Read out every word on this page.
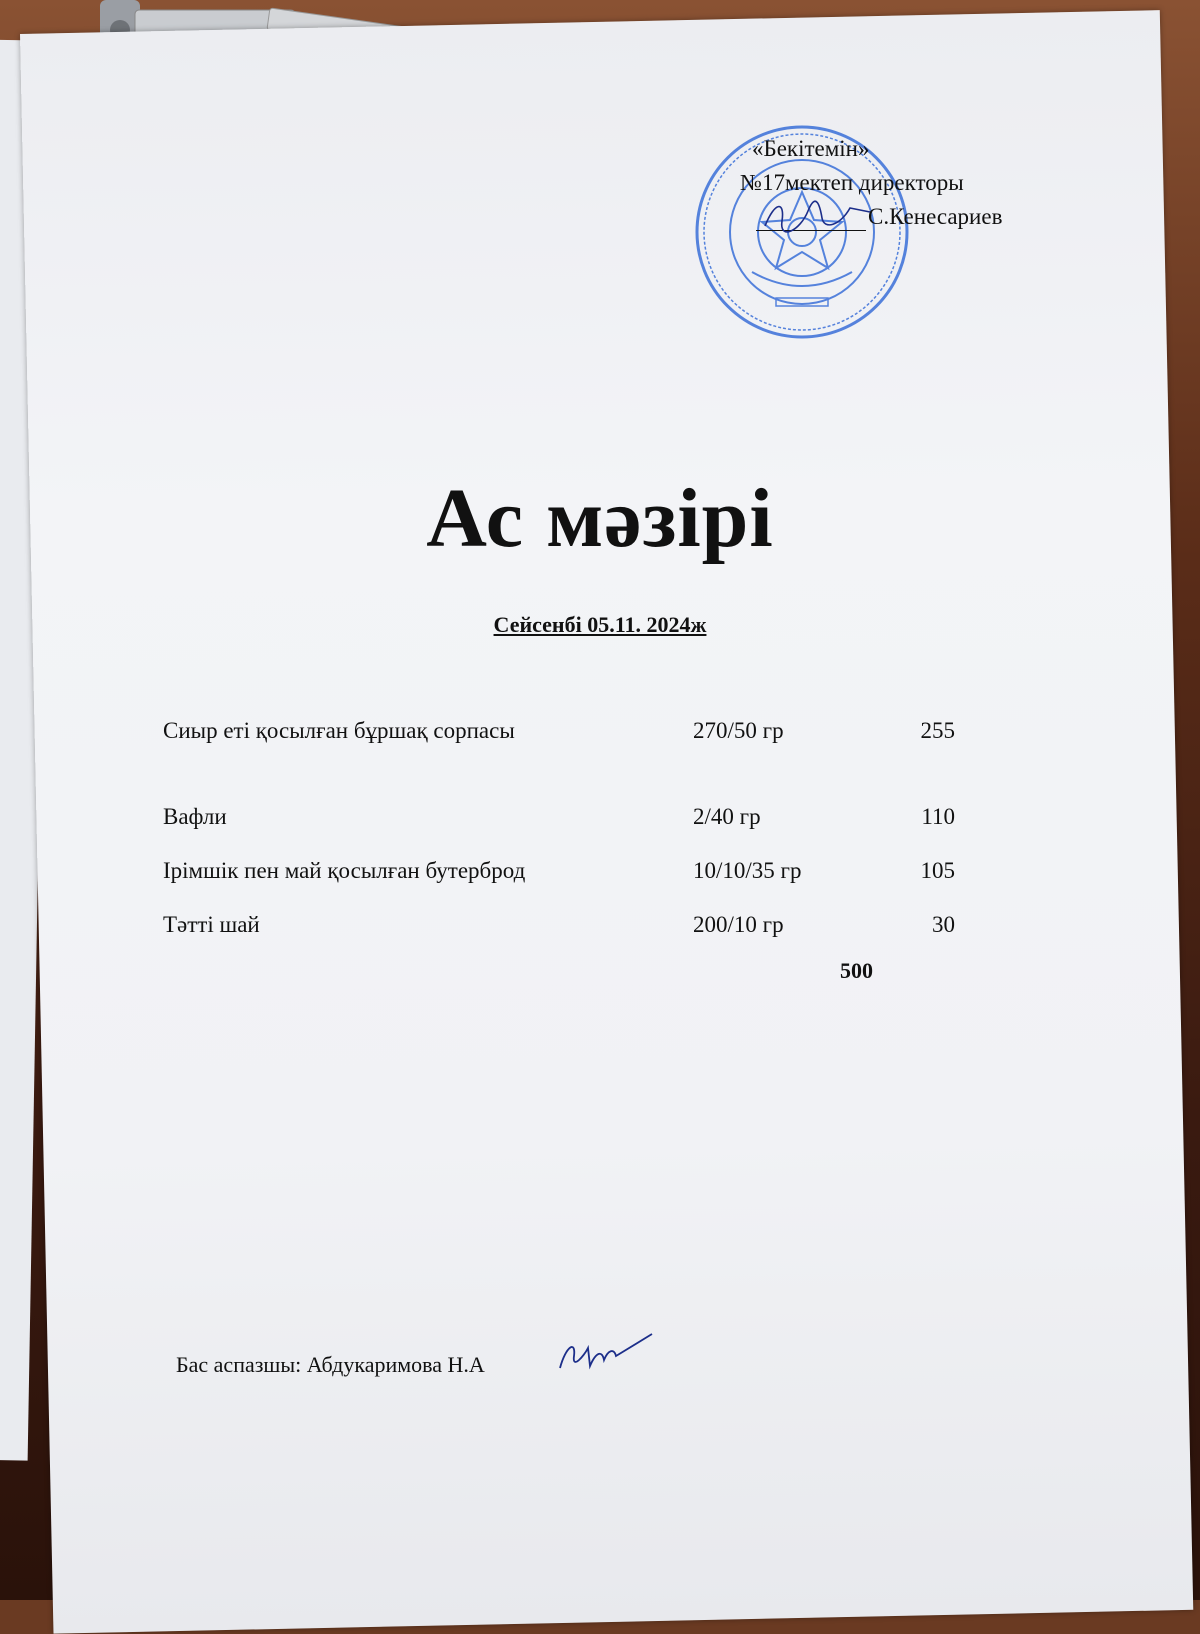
«Бекітемін»
№17мектеп директоры
С.Кенесариев
Ас мәзірі
Сейсенбі 05.11. 2024ж
Сиыр еті қосылған бұршақ сорпасы	270/50 гр	255
Вафли	2/40 гр	110
Ірімшік пен май қосылған бутерброд	10/10/35 гр	105
Тәтті шай	200/10 гр	30
500
Бас аспазшы: Абдукаримова Н.А
